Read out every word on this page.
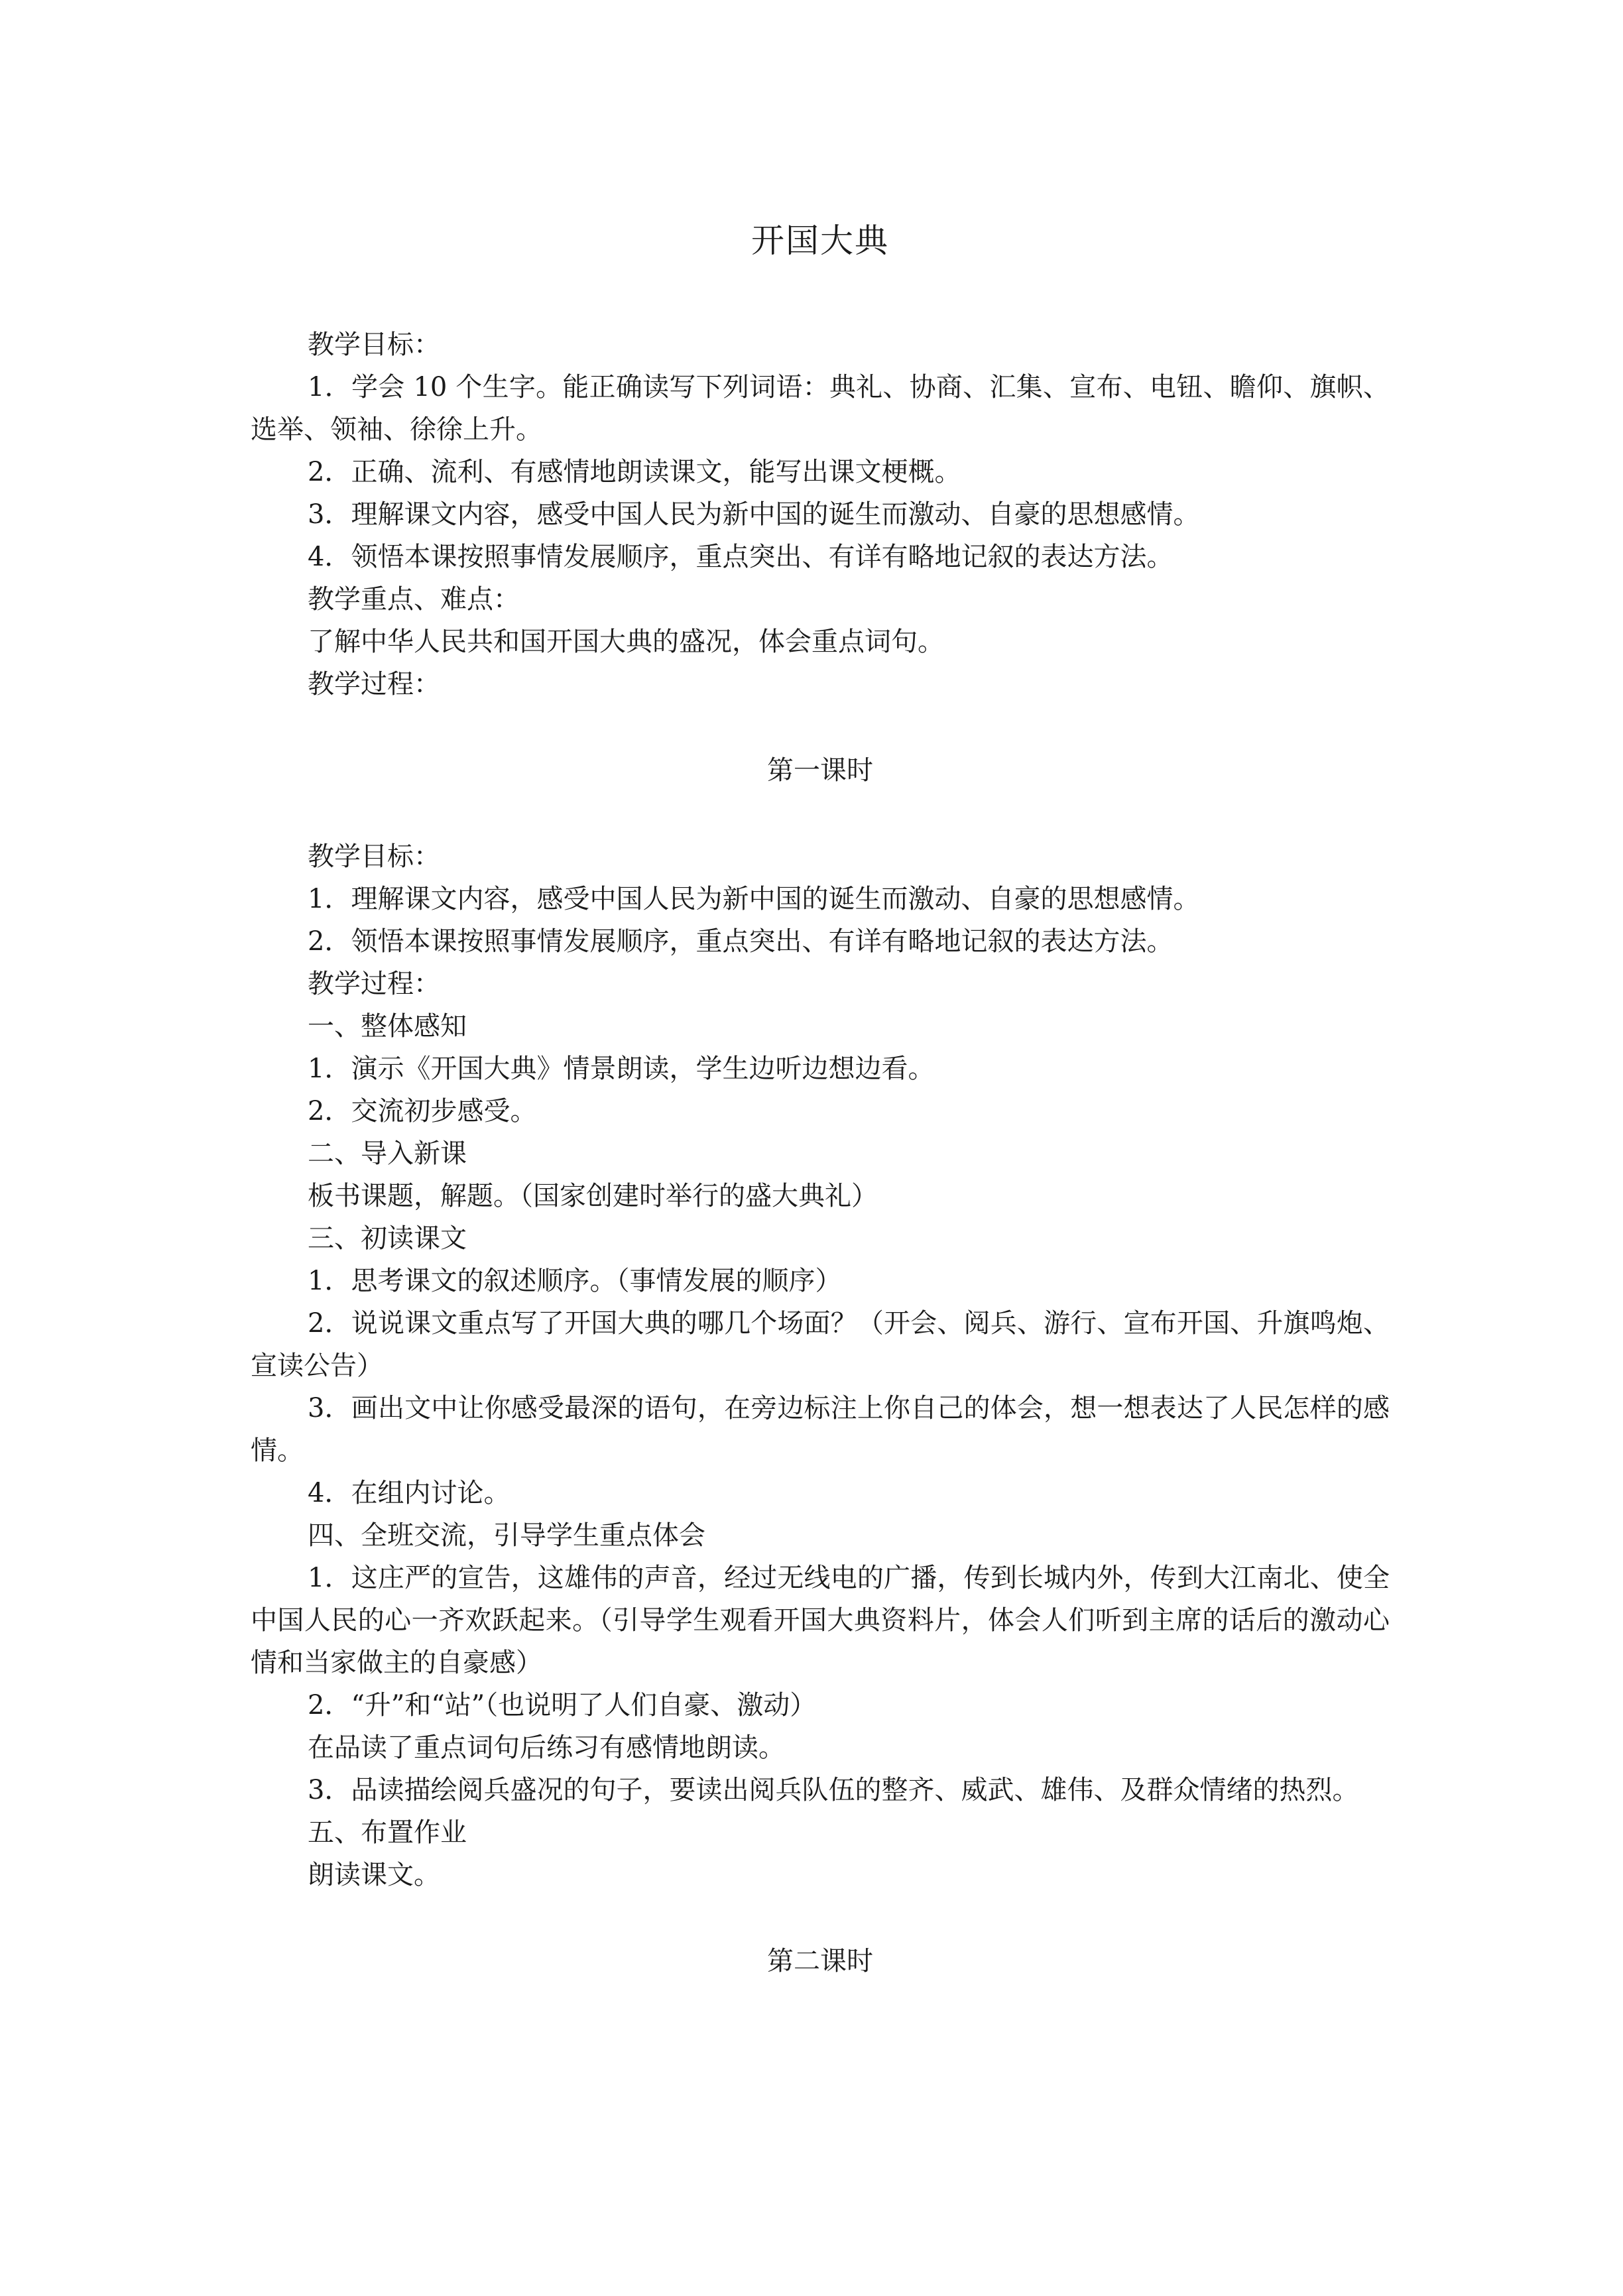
开国大典

教学目标：

1．学会 10 个生字。能正确读写下列词语：典礼、协商、汇集、宣布、电钮、瞻仰、旗帜、选举、领袖、徐徐上升。

2．正确、流利、有感情地朗读课文，能写出课文梗概。

3．理解课文内容，感受中国人民为新中国的诞生而激动、自豪的思想感情。

4．领悟本课按照事情发展顺序，重点突出、有详有略地记叙的表达方法。

教学重点、难点：

了解中华人民共和国开国大典的盛况，体会重点词句。

教学过程：

第一课时

教学目标：

1．理解课文内容，感受中国人民为新中国的诞生而激动、自豪的思想感情。

2．领悟本课按照事情发展顺序，重点突出、有详有略地记叙的表达方法。

教学过程：

一、整体感知

1．演示《开国大典》情景朗读，学生边听边想边看。

2．交流初步感受。

二、导入新课

板书课题，解题。（国家创建时举行的盛大典礼）

三、初读课文

1．思考课文的叙述顺序。（事情发展的顺序）

2．说说课文重点写了开国大典的哪几个场面？（开会、阅兵、游行、宣布开国、升旗鸣炮、宣读公告）

3．画出文中让你感受最深的语句，在旁边标注上你自己的体会，想一想表达了人民怎样的感情。

4．在组内讨论。

四、全班交流，引导学生重点体会

1．这庄严的宣告，这雄伟的声音，经过无线电的广播，传到长城内外，传到大江南北、使全中国人民的心一齐欢跃起来。（引导学生观看开国大典资料片，体会人们听到主席的话后的激动心情和当家做主的自豪感）

2．“升”和“站”（也说明了人们自豪、激动）

在品读了重点词句后练习有感情地朗读。

3．品读描绘阅兵盛况的句子，要读出阅兵队伍的整齐、威武、雄伟、及群众情绪的热烈。

五、布置作业

朗读课文。

第二课时
